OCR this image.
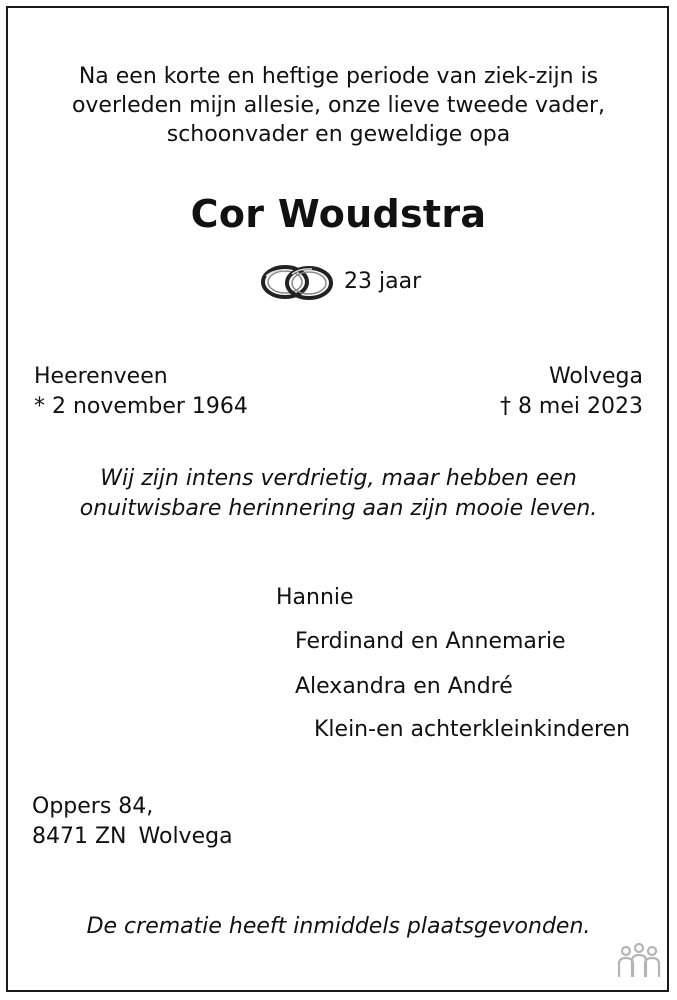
Na een korte en heftige periode van ziek-zijn is
overleden mijn allesie, onze lieve tweede vader,
schoonvader en geweldige opa
Cor Woudstra
23 jaar
Heerenveen
* 2 november 1964
Wolvega
† 8 mei 2023
Wij zijn intens verdrietig, maar hebben een
onuitwisbare herinnering aan zijn mooie leven.
Hannie
Ferdinand en Annemarie
Alexandra en André
Klein-en achterkleinkinderen
Oppers 84,
8471 ZN Wolvega
De crematie heeft inmiddels plaatsgevonden.
